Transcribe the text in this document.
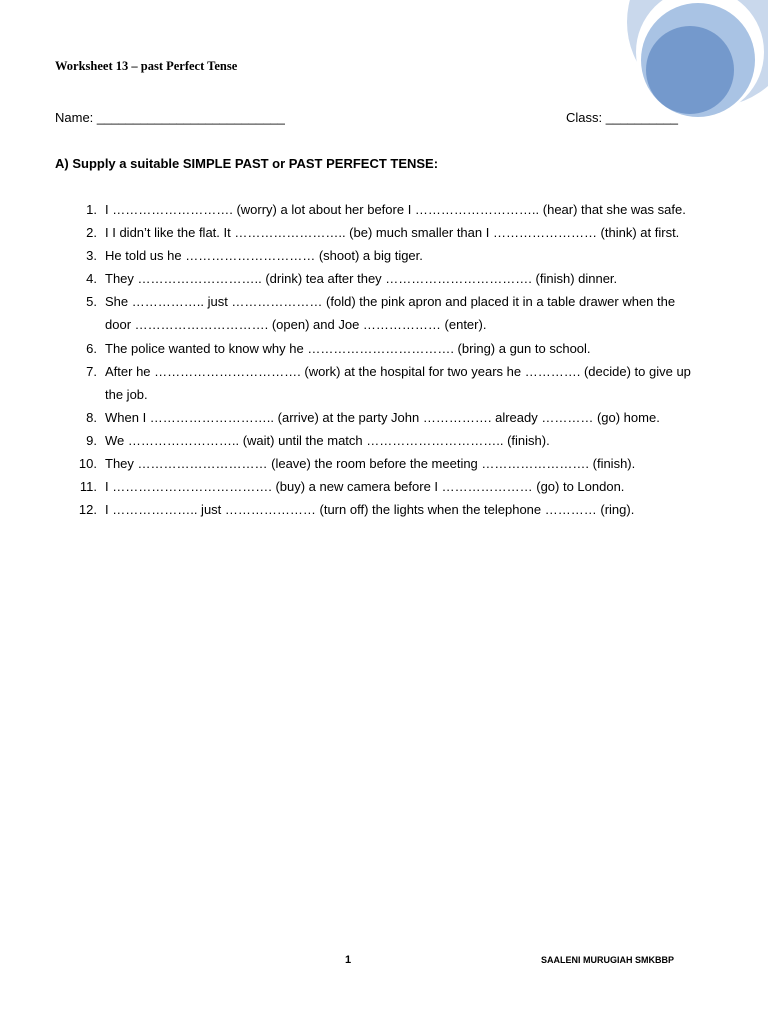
Worksheet 13 – past Perfect Tense
Name: __________________________	Class: __________
A) Supply a suitable SIMPLE PAST or PAST PERFECT TENSE:
1. I ………………………. (worry) a lot about her before I ……………………….. (hear) that she was safe.
2. I I didn’t like the flat. It …………………….. (be) much smaller than I …………………… (think) at first.
3. He told us he ………………………… (shoot) a big tiger.
4. They ……………………….. (drink) tea after they ……………………………. (finish) dinner.
5. She …………….. just ………………… (fold) the pink apron and placed it in a table drawer when the door …………………………. (open) and Joe ……………… (enter).
6. The police wanted to know why he ……………………………. (bring) a gun to school.
7. After he ……………………………. (work) at the hospital for two years he …………. (decide) to give up the job.
8. When I ……………………….. (arrive) at the party John ……………. already ………… (go) home.
9. We …………………….. (wait) until the match ………………………….. (finish).
10. They ………………………… (leave) the room before the meeting ……………………. (finish).
11. I ………………………………. (buy) a new camera before I ………………… (go) to London.
12. I ……………….. just ………………… (turn off) the lights when the telephone ………… (ring).
1	SAALENI MURUGIAH SMKBBP
